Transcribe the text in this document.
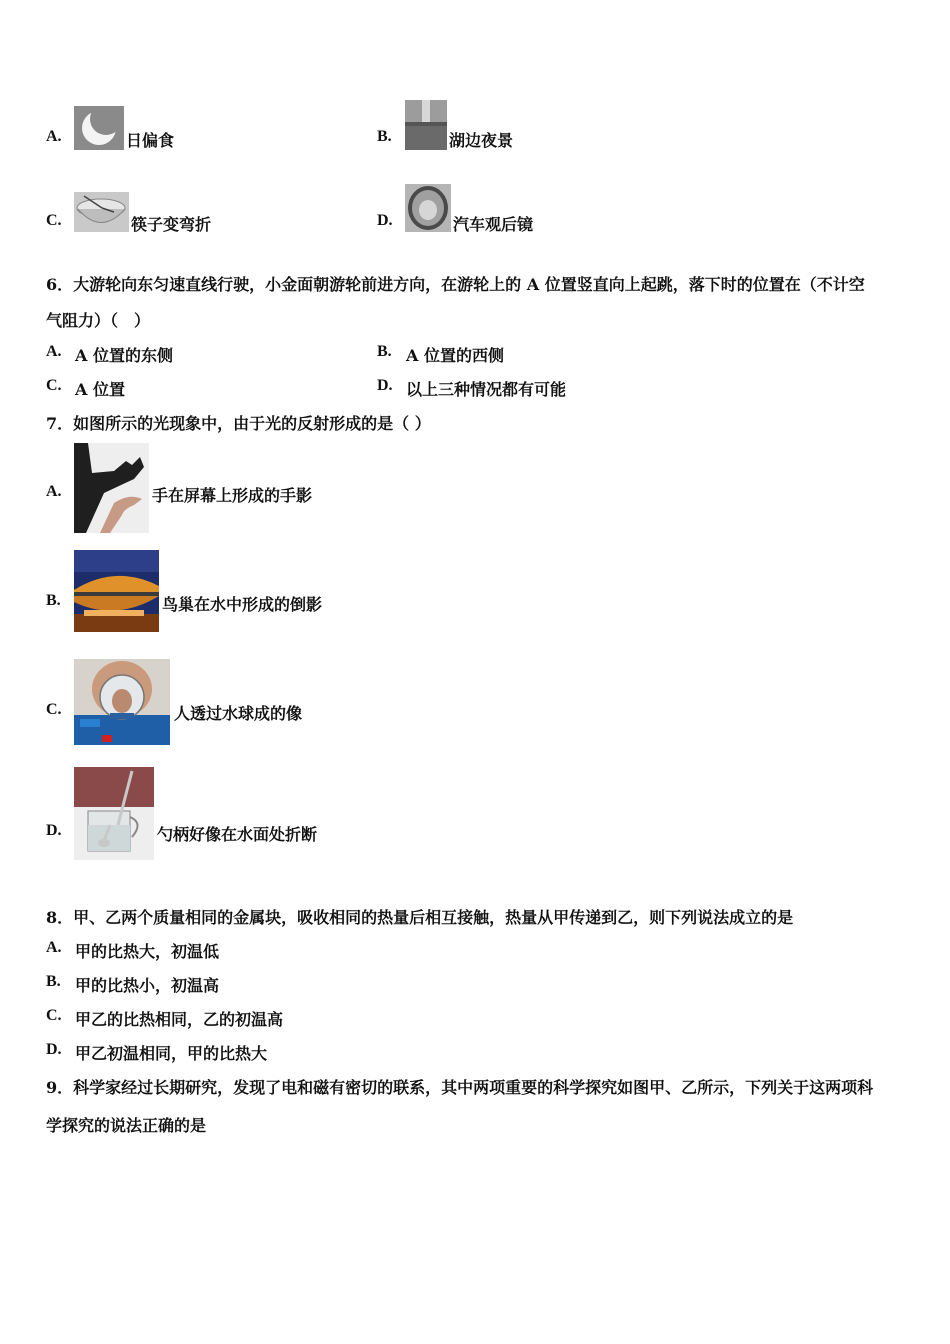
A.	日偏食	B.	湖边夜景
C.	筷子变弯折	D.	汽车观后镜
6．大游轮向东匀速直线行驶，小金面朝游轮前进方向，在游轮上的 A 位置竖直向上起跳，落下时的位置在（不计空
气阻力）（　）
A. A 位置的东侧	B. A 位置的西侧
C. A 位置	D. 以上三种情况都有可能
7．如图所示的光现象中，由于光的反射形成的是（ ）
A.	手在屏幕上形成的手影
B.	鸟巢在水中形成的倒影
C.	人透过水球成的像
D.	勺柄好像在水面处折断
8．甲、乙两个质量相同的金属块，吸收相同的热量后相互接触，热量从甲传递到乙，则下列说法成立的是
A. 甲的比热大，初温低
B. 甲的比热小，初温高
C. 甲乙的比热相同，乙的初温高
D. 甲乙初温相同，甲的比热大
9．科学家经过长期研究，发现了电和磁有密切的联系，其中两项重要的科学探究如图甲、乙所示，下列关于这两项科
学探究的说法正确的是
